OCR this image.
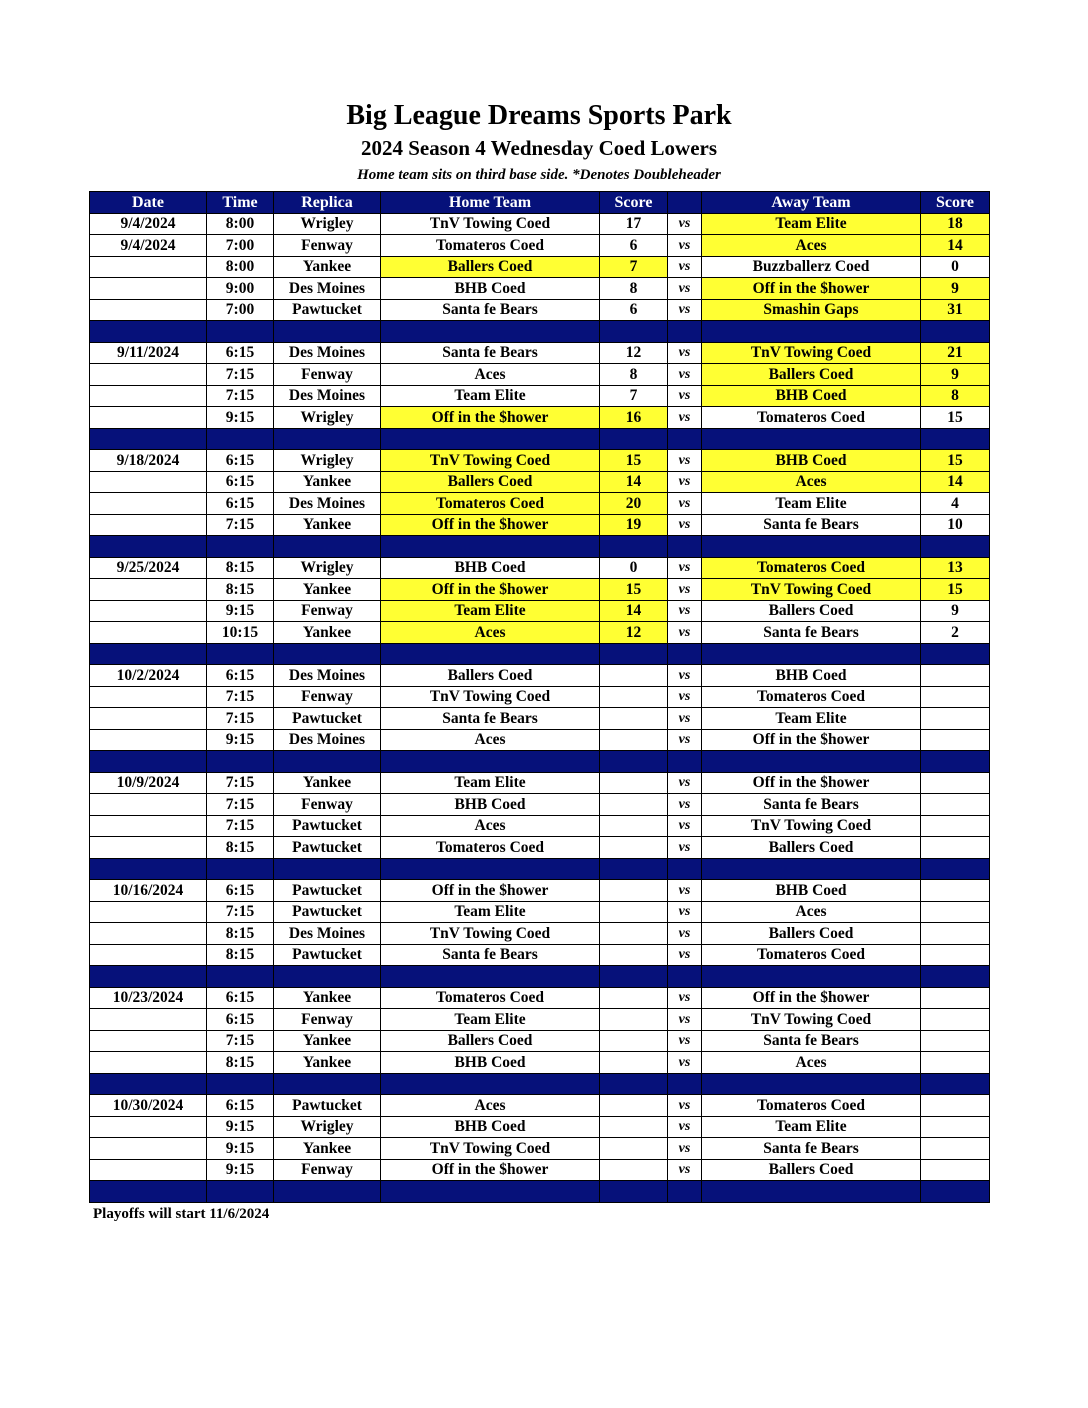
Big League Dreams Sports Park
2024 Season 4 Wednesday Coed Lowers
Home team sits on third base side. *Denotes Doubleheader
Date	Time	Replica	Home Team	Score		Away Team	Score
9/4/2024	8:00	Wrigley	TnV Towing Coed	17	vs	Team Elite	18
9/4/2024	7:00	Fenway	Tomateros Coed	6	vs	Aces	14
	8:00	Yankee	Ballers Coed	7	vs	Buzzballerz Coed	0
	9:00	Des Moines	BHB Coed	8	vs	Off in the $hower	9
	7:00	Pawtucket	Santa fe Bears	6	vs	Smashin Gaps	31

9/11/2024	6:15	Des Moines	Santa fe Bears	12	vs	TnV Towing Coed	21
	7:15	Fenway	Aces	8	vs	Ballers Coed	9
	7:15	Des Moines	Team Elite	7	vs	BHB Coed	8
	9:15	Wrigley	Off in the $hower	16	vs	Tomateros Coed	15

9/18/2024	6:15	Wrigley	TnV Towing Coed	15	vs	BHB Coed	15
	6:15	Yankee	Ballers Coed	14	vs	Aces	14
	6:15	Des Moines	Tomateros Coed	20	vs	Team Elite	4
	7:15	Yankee	Off in the $hower	19	vs	Santa fe Bears	10

9/25/2024	8:15	Wrigley	BHB Coed	0	vs	Tomateros Coed	13
	8:15	Yankee	Off in the $hower	15	vs	TnV Towing Coed	15
	9:15	Fenway	Team Elite	14	vs	Ballers Coed	9
	10:15	Yankee	Aces	12	vs	Santa fe Bears	2

10/2/2024	6:15	Des Moines	Ballers Coed		vs	BHB Coed	
	7:15	Fenway	TnV Towing Coed		vs	Tomateros Coed	
	7:15	Pawtucket	Santa fe Bears		vs	Team Elite	
	9:15	Des Moines	Aces		vs	Off in the $hower	

10/9/2024	7:15	Yankee	Team Elite		vs	Off in the $hower	
	7:15	Fenway	BHB Coed		vs	Santa fe Bears	
	7:15	Pawtucket	Aces		vs	TnV Towing Coed	
	8:15	Pawtucket	Tomateros Coed		vs	Ballers Coed	

10/16/2024	6:15	Pawtucket	Off in the $hower		vs	BHB Coed	
	7:15	Pawtucket	Team Elite		vs	Aces	
	8:15	Des Moines	TnV Towing Coed		vs	Ballers Coed	
	8:15	Pawtucket	Santa fe Bears		vs	Tomateros Coed	

10/23/2024	6:15	Yankee	Tomateros Coed		vs	Off in the $hower	
	6:15	Fenway	Team Elite		vs	TnV Towing Coed	
	7:15	Yankee	Ballers Coed		vs	Santa fe Bears	
	8:15	Yankee	BHB Coed		vs	Aces	

10/30/2024	6:15	Pawtucket	Aces		vs	Tomateros Coed	
	9:15	Wrigley	BHB Coed		vs	Team Elite	
	9:15	Yankee	TnV Towing Coed		vs	Santa fe Bears	
	9:15	Fenway	Off in the $hower		vs	Ballers Coed	

Playoffs will start 11/6/2024
